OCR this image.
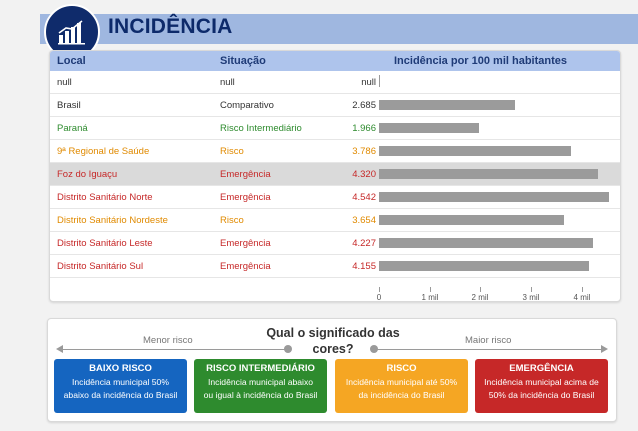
INCIDÊNCIA
Local	Situação	Incidência por 100 mil habitantes
null	null	null
Brasil	Comparativo	2.685
Paraná	Risco Intermediário	1.966
9ª Regional de Saúde	Risco	3.786
Foz do Iguaçu	Emergência	4.320
Distrito Sanitário Norte	Emergência	4.542
Distrito Sanitário Nordeste	Risco	3.654
Distrito Sanitário Leste	Emergência	4.227
Distrito Sanitário Sul	Emergência	4.155
0	1 mil	2 mil	3 mil	4 mil
Menor risco	Maior risco
Qual o significado das
cores?
BAIXO RISCO
Incidência municipal 50%
abaixo da incidência do Brasil
RISCO INTERMEDIÁRIO
Incidência municipal abaixo
ou igual à incidência do Brasil
RISCO
Incidência municipal até 50%
da incidência do Brasil
EMERGÊNCIA
Incidência municipal acima de
50% da incidência do Brasil
